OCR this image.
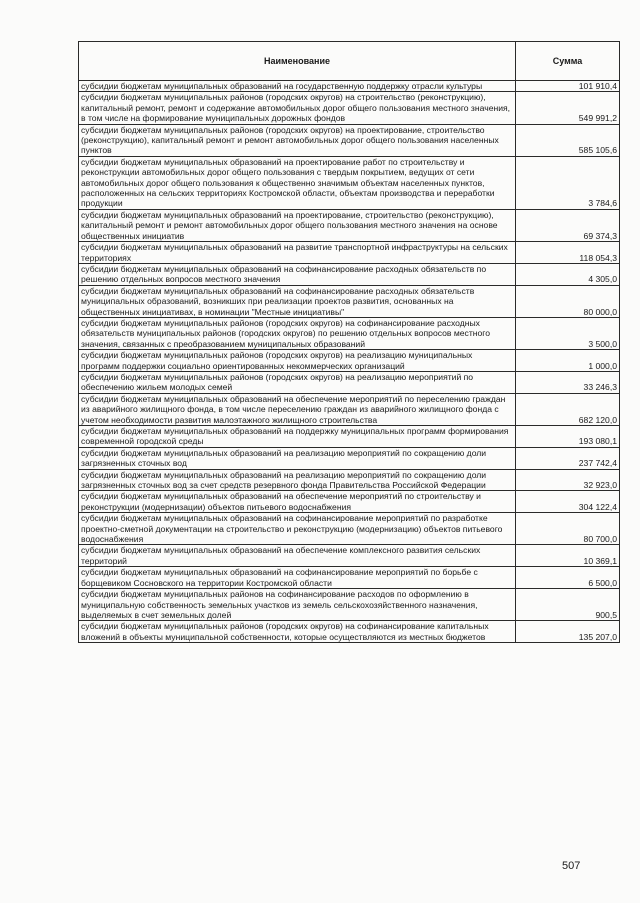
Наименование	Сумма
субсидии бюджетам муниципальных образований на государственную поддержку отрасли культуры	101 910,4
субсидии бюджетам муниципальных районов (городских округов) на строительство (реконструкцию), капитальный ремонт, ремонт и содержание автомобильных дорог общего пользования местного значения, в том числе на формирование муниципальных дорожных фондов	549 991,2
субсидии бюджетам муниципальных районов (городских округов) на проектирование, строительство (реконструкцию), капитальный ремонт и ремонт автомобильных дорог общего пользования населенных пунктов	585 105,6
субсидии бюджетам муниципальных образований на проектирование работ по строительству и реконструкции автомобильных дорог общего пользования с твердым покрытием, ведущих от сети автомобильных дорог общего пользования к общественно значимым объектам населенных пунктов, расположенных на сельских территориях Костромской области, объектам производства и переработки продукции	3 784,6
субсидии бюджетам муниципальных образований на проектирование, строительство (реконструкцию), капитальный ремонт и ремонт автомобильных дорог общего пользования местного значения на основе общественных инициатив	69 374,3
субсидии бюджетам муниципальных образований на развитие транспортной инфраструктуры на сельских территориях	118 054,3
субсидии бюджетам муниципальных образований на софинансирование расходных обязательств по решению отдельных вопросов местного значения	4 305,0
субсидии бюджетам муниципальных образований на софинансирование расходных обязательств муниципальных образований, возникших при реализации проектов развития, основанных на общественных инициативах, в номинации "Местные инициативы"	80 000,0
субсидии бюджетам муниципальных районов (городских округов) на софинансирование расходных обязательств муниципальных районов (городских округов) по решению отдельных вопросов местного значения, связанных с преобразованием муниципальных образований	3 500,0
субсидии бюджетам муниципальных районов (городских округов) на реализацию муниципальных программ поддержки социально ориентированных некоммерческих организаций	1 000,0
субсидии бюджетам муниципальных районов (городских округов) на реализацию мероприятий по обеспечению жильем молодых семей	33 246,3
субсидии бюджетам муниципальных образований на обеспечение мероприятий по переселению граждан из аварийного жилищного фонда, в том числе переселению граждан из аварийного жилищного фонда с учетом необходимости развития малоэтажного жилищного строительства	682 120,0
субсидии бюджетам муниципальных образований на поддержку муниципальных программ формирования современной городской среды	193 080,1
субсидии бюджетам муниципальных образований на реализацию мероприятий по сокращению доли загрязненных сточных вод	237 742,4
субсидии бюджетам муниципальных образований на реализацию мероприятий по сокращению доли загрязненных сточных вод за счет средств резервного фонда Правительства Российской Федерации	32 923,0
субсидии бюджетам муниципальных образований на обеспечение мероприятий по строительству и реконструкции (модернизации) объектов питьевого водоснабжения	304 122,4
субсидии бюджетам муниципальных образований на софинансирование мероприятий по разработке проектно-сметной документации на строительство и реконструкцию (модернизацию) объектов питьевого водоснабжения	80 700,0
субсидии бюджетам муниципальных образований на обеспечение комплексного развития сельских территорий	10 369,1
субсидии бюджетам муниципальных образований на софинансирование мероприятий по борьбе с борщевиком Сосновского на территории Костромской области	6 500,0
субсидии бюджетам муниципальных районов на софинансирование расходов по оформлению в муниципальную собственность земельных участков из земель сельскохозяйственного назначения, выделяемых в счет земельных долей	900,5
субсидии бюджетам муниципальных районов (городских округов) на софинансирование капитальных вложений в объекты муниципальной собственности, которые осуществляются из местных бюджетов	135 207,0
507
